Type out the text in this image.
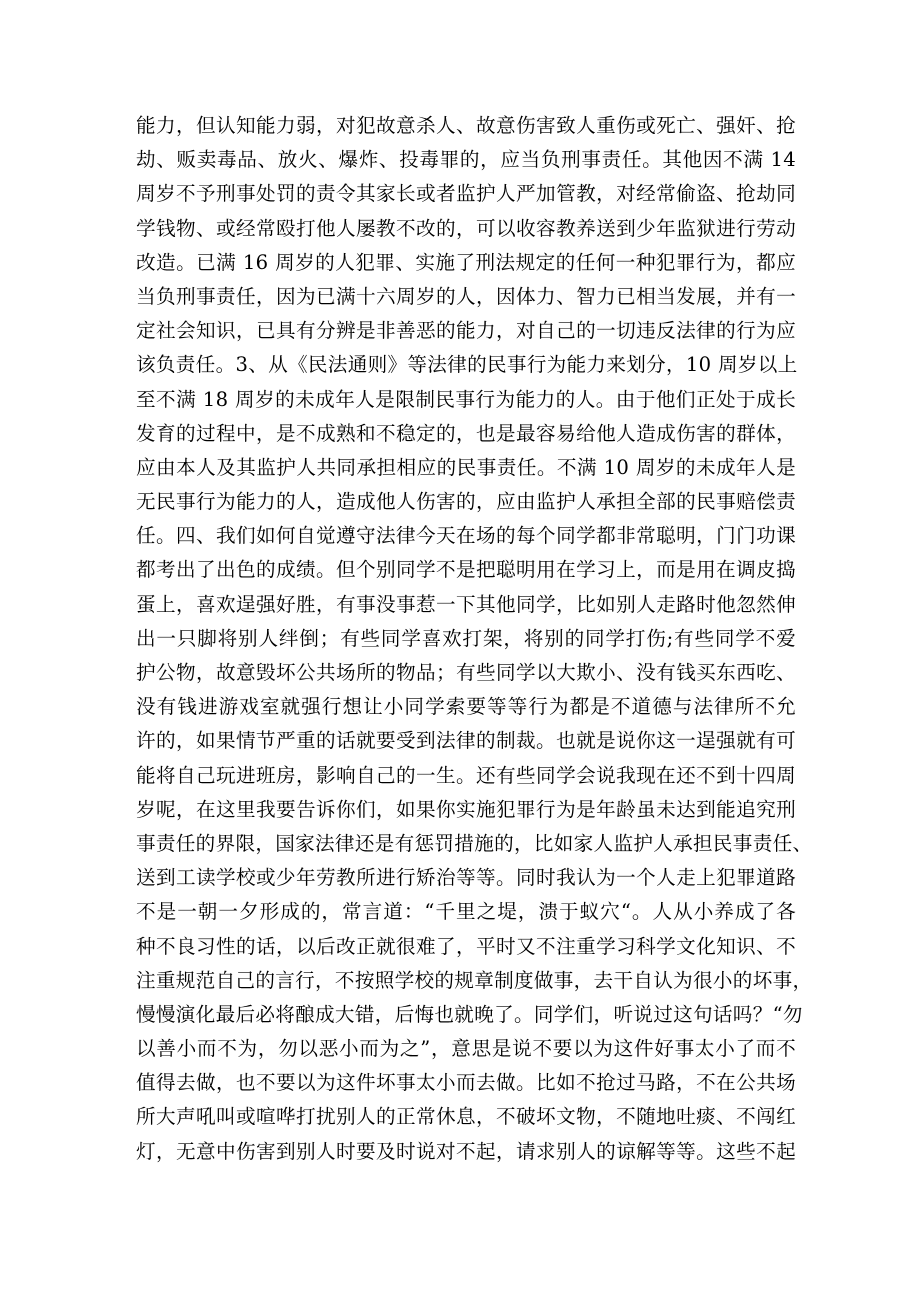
能力，但认知能力弱，对犯故意杀人、故意伤害致人重伤或死亡、强奸、抢
劫、贩卖毒品、放火、爆炸、投毒罪的，应当负刑事责任。其他因不满 14
周岁不予刑事处罚的责令其家长或者监护人严加管教，对经常偷盗、抢劫同
学钱物、或经常殴打他人屡教不改的，可以收容教养送到少年监狱进行劳动
改造。已满 16 周岁的人犯罪、实施了刑法规定的任何一种犯罪行为，都应
当负刑事责任，因为已满十六周岁的人，因体力、智力已相当发展，并有一
定社会知识，已具有分辨是非善恶的能力，对自己的一切违反法律的行为应
该负责任。3、从《民法通则》等法律的民事行为能力来划分，10 周岁以上
至不满 18 周岁的未成年人是限制民事行为能力的人。由于他们正处于成长
发育的过程中，是不成熟和不稳定的，也是最容易给他人造成伤害的群体，
应由本人及其监护人共同承担相应的民事责任。不满 10 周岁的未成年人是
无民事行为能力的人，造成他人伤害的，应由监护人承担全部的民事赔偿责
任。四、我们如何自觉遵守法律今天在场的每个同学都非常聪明，门门功课
都考出了出色的成绩。但个别同学不是把聪明用在学习上，而是用在调皮捣
蛋上，喜欢逞强好胜，有事没事惹一下其他同学，比如别人走路时他忽然伸
出一只脚将别人绊倒；有些同学喜欢打架，将别的同学打伤;有些同学不爱
护公物，故意毁坏公共场所的物品；有些同学以大欺小、没有钱买东西吃、
没有钱进游戏室就强行想让小同学索要等等行为都是不道德与法律所不允
许的，如果情节严重的话就要受到法律的制裁。也就是说你这一逞强就有可
能将自己玩进班房，影响自己的一生。还有些同学会说我现在还不到十四周
岁呢，在这里我要告诉你们，如果你实施犯罪行为是年龄虽未达到能追究刑
事责任的界限，国家法律还是有惩罚措施的，比如家人监护人承担民事责任、
送到工读学校或少年劳教所进行矫治等等。同时我认为一个人走上犯罪道路
不是一朝一夕形成的，常言道：“千里之堤，溃于蚁穴“。人从小养成了各
种不良习性的话，以后改正就很难了，平时又不注重学习科学文化知识、不
注重规范自己的言行，不按照学校的规章制度做事，去干自认为很小的坏事，
慢慢演化最后必将酿成大错，后悔也就晚了。同学们，听说过这句话吗？“勿
以善小而不为，勿以恶小而为之”，意思是说不要以为这件好事太小了而不
值得去做，也不要以为这件坏事太小而去做。比如不抢过马路，不在公共场
所大声吼叫或喧哗打扰别人的正常休息，不破坏文物，不随地吐痰、不闯红
灯，无意中伤害到别人时要及时说对不起，请求别人的谅解等等。这些不起
